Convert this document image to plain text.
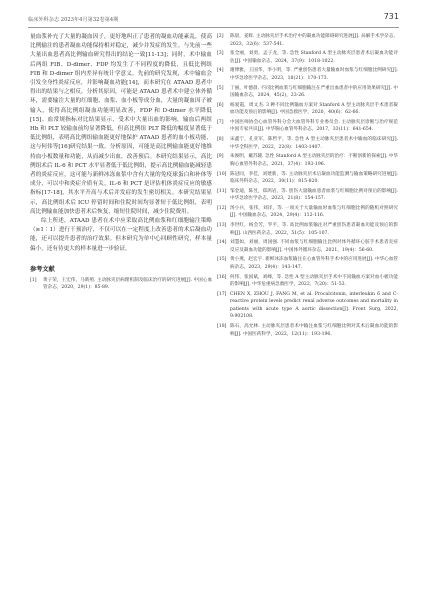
临床外科杂志 2023年4月第32卷第4期	731

量血浆补充了大量的凝血因子，更好地纠正了患者的凝血功能紊乱，使高比例输注的患者凝血功能保持相对稳定，减少并发症的发生。与先前一些大量出血患者高比例输血研究得出的结论一致[11-13]；同时，术中输血后两组 FIB、D-dimer、FDP 均发生了不同程度的降低，且低比例组 FIB 和 D-dimer 组内差异有统计学意义。先前的研究发现，术中输血会引发全身性炎症反应，并影响凝血功能[14]，而本研究在 ATAAD 患者中得出的结果与之相反，分析其原因，可能是 ATAAD 患者术中建立体外循环，需要输注大量的红细胞、血浆、血小板等成分血，大量的凝血因子被输入，使得高比例组凝血功能明显改善，FDP 和 D-dimer 水平降低[15]。血常规指标对比结果显示，受术中大量出血的影响，输血后两组 Hb 和 PLT 较输血前均显著降低，但高比例组 PLT 降低的幅度显著低于低比例组，表明高比例组输血能更好地保护 ATAAD 患者的血小板功能，这与何伟等[16]研究结果一致。分析原因，可能是高比例输血能更好地维持血小板数量和功能，从而减少出血，改善预后。本研究结果显示，高比例组术后 IL-6 和 PCT 水平显著低于低比例组，提示高比例输血能减轻患者的炎症反应，这可能与新鲜冰冻血浆中含有大量的免疫球蛋白和补体等成分，可以中和炎症介质有关。IL-6 和 PCT 是评估机体炎症反应的敏感指标[17-18]，其水平升高与术后并发症的发生密切相关。本研究结果显示，高比例组术后 ICU 停留时间和住院时间均显著短于低比例组，表明高比例输血能加快患者术后恢复，缩短住院时间，减少住院费用。

综上所述，ATAAD 患者在术中应采取高比例血浆和红细胞输注策略（≥1∶1）进行干预治疗，不仅可以在一定程度上改善患者的术后凝血功能，还可以提升患者的治疗效果。但本研究为单中心回顾性研究，样本量偏小，还有待更大的样本量进一步验证。

参考文献
[1]	黄子荣，王宏伟，马新照. 主动脉夹层病理机制及临床治疗的研究进展[J]. 中国心血管杂志，2020，29(1)：85-89.
[2]	陈晨，姜辉. 主动脉夹层手术治疗中的凝血功能障碍研究进展[J]. 局解手术学杂志，2023，32(6)：537-541.
[3]	张全丽，刘勇，孟子龙，等. 急性 Stanford A 型主动脉夹层患者术后凝血功能评估[J]. 中国输血杂志，2024，37(9)：1018-1022.
[4]	谢博雅，王国华，李小明，等. 严重创伤患者大量输血时血浆与红细胞比例研究[J]. 中华急诊医学杂志，2023，18(21)：170-173.
[5]	丁丽，叶德晨. 不同比例血浆与红细胞输注在严重出血患者中的应用效果研究[J]. 中国输血杂志，2024，45(2)，23-26.
[6]	杨爱霞，周文杰. 3 种不同比例输血方案对 Stanford A 型主动脉夹层手术患者凝血功能及预后的影响[J]. 中国急救医学，2020，40(6)：62-66.
[7]	中国医师协会心血管外科分会大血管外科专业委员会. 主动脉夹层诊断与治疗规范中国专家共识[J]. 中华胸心血管外科杂志，2017，33(11)：641-654.
[8]	宋鑫宁，孔亚军，陈哲平，等. 急性 A 型主动脉夹层患者术中输血的临床研究[J]. 中华全科医学，2022，22(8)：1403-1407.
[9]	朱俊明，戴苏隆. 急性 Stanford A 型主动脉夹层的治疗：不断创新的探索[J]. 中华胸心血管外科杂志，2021，37(4)：193-196.
[10] 陈冠同，李佳，刘建新，等. 主动脉夹层术后凝血功能监测与输血策略研究进展[J]. 临床外科杂志，2022，30(11)：815-820.
[11] 邹金迪，陈昱，郑鸿岩，等. 创伤大量输血患者血浆与红细胞比例对预后的影响[J]. 中华急诊医学杂志，2023，21(8)：154-157.
[12] 汤小兵，张伟，刘洋，等. 一项关于大量输血时血浆与红细胞比例的随机对照研究[J]. 中国输血杂志，2024，29(4)：112-116.
[13] 李世红，杨会芳，罗平，等. 高比例血浆输注对严重创伤患者凝血功能及预后的影响[J]. 山西医药杂志，2022，51(5)：105-107.
[14] 刘慧如，刘丽，周国强. 不同血浆与红细胞输注比例对体外循环心脏手术患者炎症反应及凝血功能的影响[J]. 中国体外循环杂志，2021，19(4)：56-60.
[15] 黄小燕，赵宏宇. 新鲜冰冻血浆输注在心血管外科手术中的应用进展[J]. 中华心血管病杂志，2023，29(4)：143-147.
[16] 何伟，张国斌，刘峰，等. 急性 A 型主动脉夹层手术中不同输血方案对血小板功能的影响[J]. 中华危重病急救医学，2022，7(20)：51-53.
[17] CHEN X, ZHOU J, FANG M, et al. Procalcitonin, interleukin 6 and C-reactive protein levels predict renal adverse outcomes and mortality in patients with acute type A aortic dissection[J]. Front Surg, 2022, 9:902108.
[18] 陈石，高允林. 主动脉夹层患者术中输注血浆与红细胞比例对其术后凝血功能的影响[J]. 中国医药科学，2022，12(11)：193-196.
